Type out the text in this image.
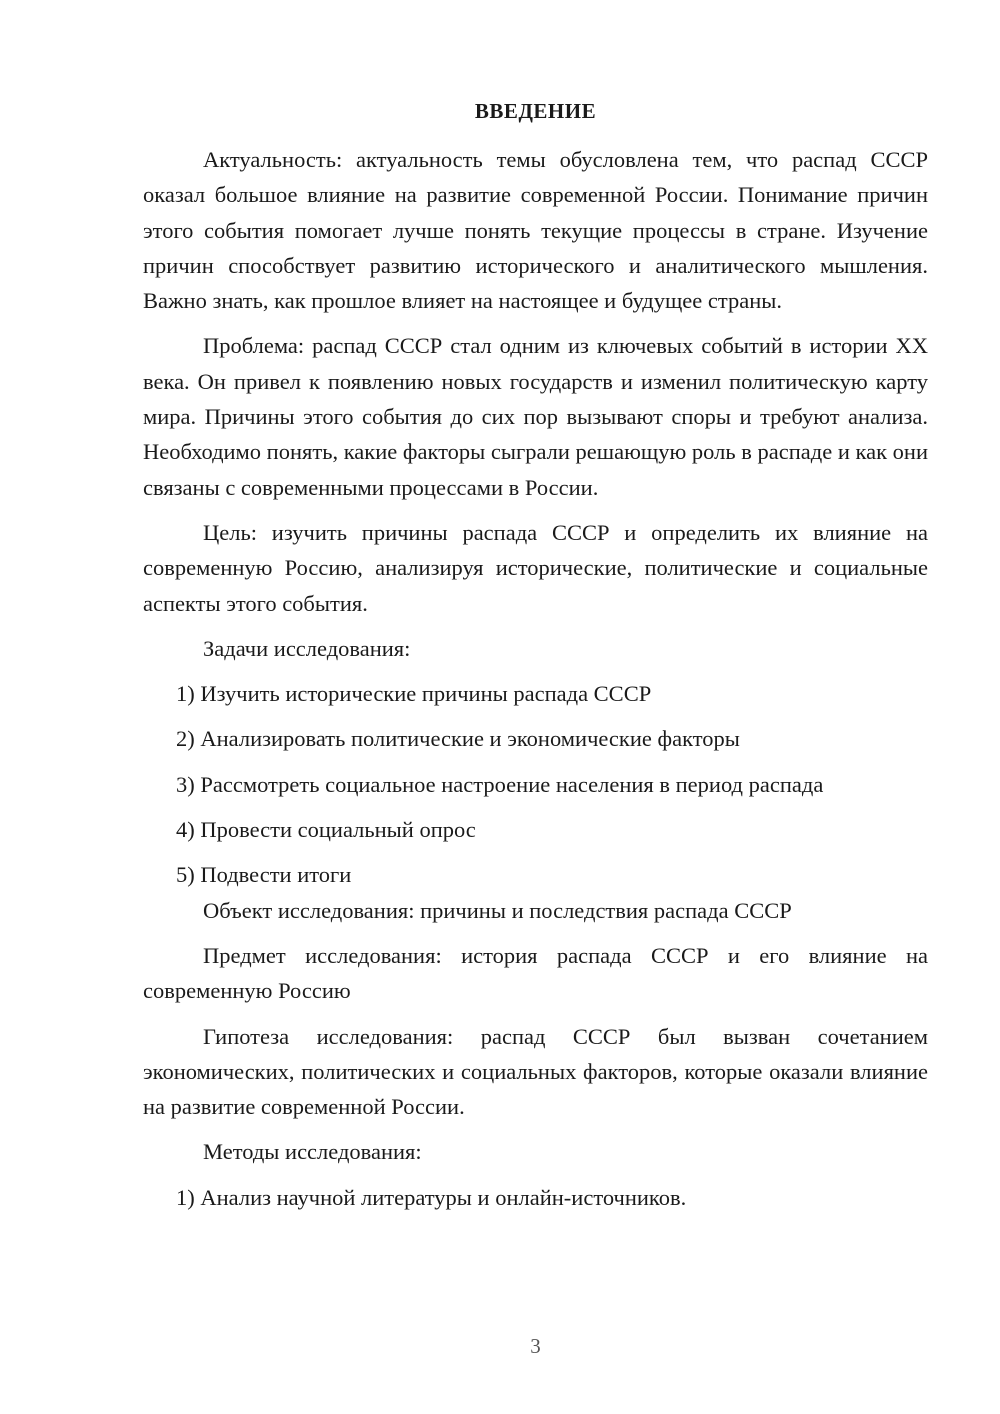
ВВЕДЕНИЕ

Актуальность: актуальность темы обусловлена тем, что распад СССР оказал большое влияние на развитие современной России. Понимание причин этого события помогает лучше понять текущие процессы в стране. Изучение причин способствует развитию исторического и аналитического мышления. Важно знать, как прошлое влияет на настоящее и будущее страны.

Проблема: распад СССР стал одним из ключевых событий в истории XX века. Он привел к появлению новых государств и изменил политическую карту мира. Причины этого события до сих пор вызывают споры и требуют анализа. Необходимо понять, какие факторы сыграли решающую роль в распаде и как они связаны с современными процессами в России.

Цель: изучить причины распада СССР и определить их влияние на современную Россию, анализируя исторические, политические и социальные аспекты этого события.

Задачи исследования:

1) Изучить исторические причины распада СССР

2) Анализировать политические и экономические факторы

3) Рассмотреть социальное настроение населения в период распада

4) Провести социальный опрос

5) Подвести итоги

Объект исследования: причины и последствия распада СССР

Предмет исследования: история распада СССР и его влияние на современную Россию

Гипотеза исследования: распад СССР был вызван сочетанием экономических, политических и социальных факторов, которые оказали влияние на развитие современной России.

Методы исследования:

1) Анализ научной литературы и онлайн-источников.

3
